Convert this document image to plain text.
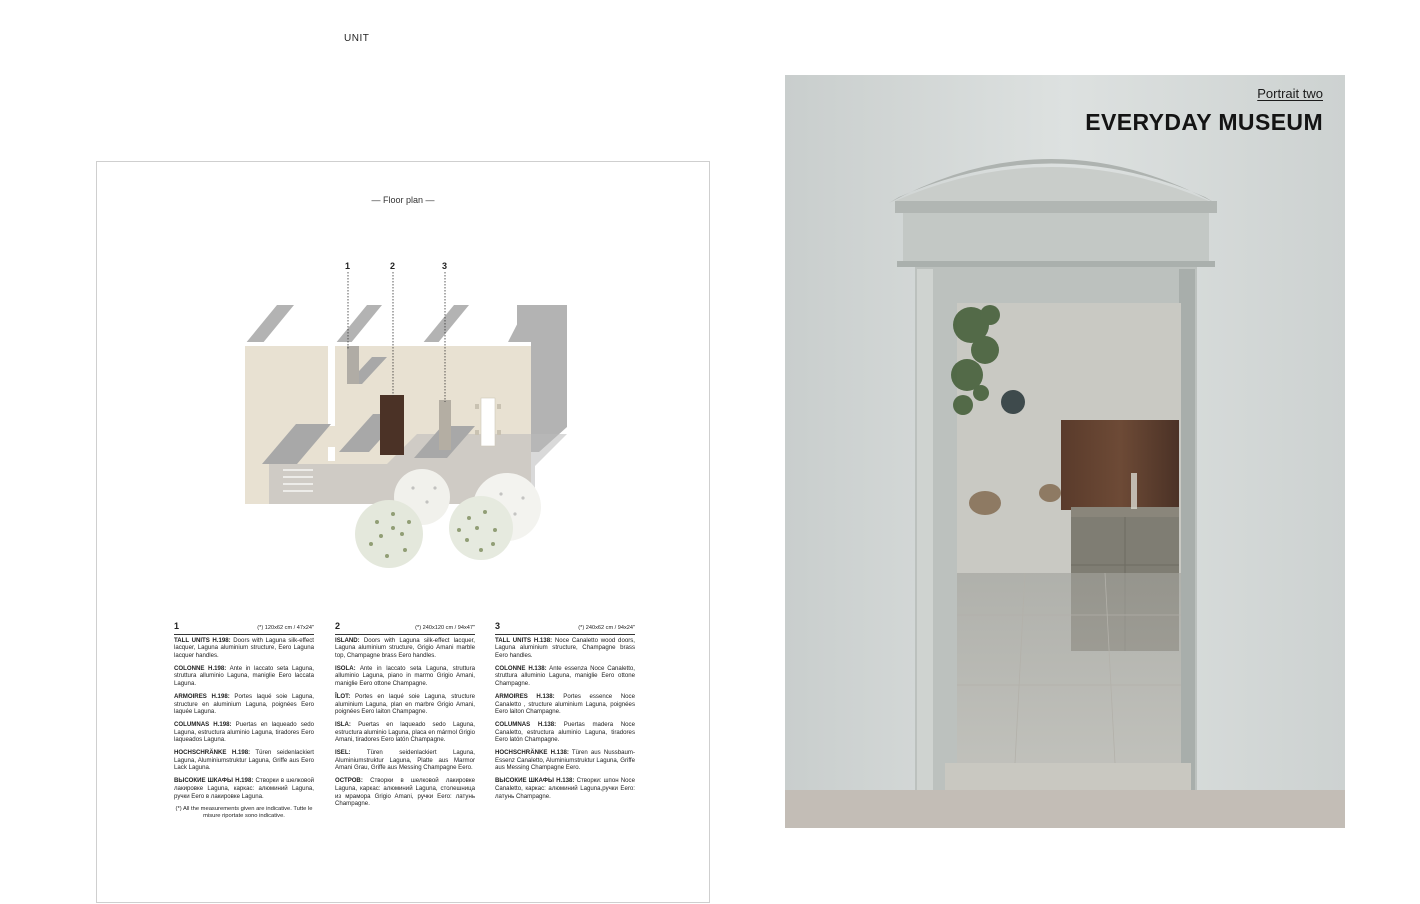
UNIT
— Floor plan —
1	2	3
1	(*) 120x62 cm / 47x24"

TALL UNITS H.198: Doors with Laguna silk-effect lacquer, Laguna aluminium structure, Eero Laguna lacquer handles.

COLONNE H.198: Ante in laccato seta Laguna, struttura alluminio Laguna, maniglie Eero laccata Laguna.

ARMOIRES H.198: Portes laqué soie Laguna, structure en aluminium Laguna, poignées Eero laquée Laguna.

COLUMNAS H.198: Puertas en laqueado sedo Laguna, estructura aluminio Laguna, tiradores Eero laqueados Laguna.

HOCHSCHRÄNKE H.198: Türen seidenlackiert Laguna, Aluminiumstruktur Laguna, Griffe aus Eero Lack Laguna.

ВЫСОКИЕ ШКАФЫ H.198: Створки в шелковой лакировке Laguna, каркас: алюминий Laguna, ручки Eero в лакировке Laguna.

(*) All the measurements given are indicative. Tutte le misure riportate sono indicative.
2	(*) 240x120 cm / 94x47"

ISLAND: Doors with Laguna silk-effect lacquer, Laguna aluminium structure, Grigio Amani marble top, Champagne brass Eero handles.

ISOLA: Ante in laccato seta Laguna, struttura alluminio Laguna, piano in marmo Grigio Amani, maniglie Eero ottone Champagne.

ÎLOT: Portes en laqué soie Laguna, structure aluminium Laguna, plan en marbre Grigio Amani, poignées Eero laiton Champagne.

ISLA: Puertas en laqueado sedo Laguna, estructura aluminio Laguna, placa en mármol Grigio Amani, tiradores Eero latón Champagne.

ISEL: Türen seidenlackiert Laguna, Aluminiumstruktur Laguna, Platte aus Marmor Amani Grau, Griffe aus Messing Champagne Eero.

ОСТРОВ: Створки в шелковой лакировке Laguna, каркас: алюминий Laguna, столешница из мрамора Grigio Amani, ручки Eero: латунь Champagne.

3	(*) 240x62 cm / 94x24"

TALL UNITS H.138: Noce Canaletto wood doors, Laguna aluminium structure, Champagne brass Eero handles.

COLONNE H.138: Ante essenza Noce Canaletto, struttura alluminio Laguna, maniglie Eero ottone Champagne.

ARMOIRES H.138: Portes essence Noce Canaletto , structure aluminium Laguna, poignées Eero laiton Champagne.

COLUMNAS H.138: Puertas madera Noce Canaletto, estructura aluminio Laguna, tiradores Eero latón Champagne.

HOCHSCHRÄNKE H.138: Türen aus Nussbaum-Essenz Canaletto, Aluminiumstruktur Laguna, Griffe aus Messing Champagne Eero.

ВЫСОКИЕ ШКАФЫ H.138: Створки: шпон Noce Canaletto, каркас: алюминий Laguna,ручки Eero: латунь Champagne.

Portrait two
EVERYDAY MUSEUM
